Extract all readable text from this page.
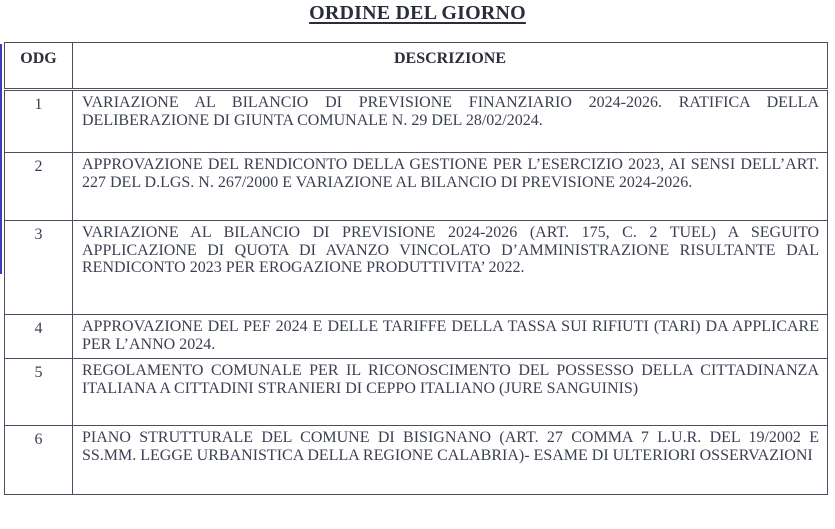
ORDINE DEL GIORNO
ODG	DESCRIZIONE
1	VARIAZIONE AL BILANCIO DI PREVISIONE FINANZIARIO 2024-2026. RATIFICA DELLA DELIBERAZIONE DI GIUNTA COMUNALE N. 29 DEL 28/02/2024.
2	APPROVAZIONE DEL RENDICONTO DELLA GESTIONE PER L’ESERCIZIO 2023, AI SENSI DELL’ART. 227 DEL D.LGS. N. 267/2000 E VARIAZIONE AL BILANCIO DI PREVISIONE 2024-2026.
3	VARIAZIONE AL BILANCIO DI PREVISIONE 2024-2026 (ART. 175, C. 2 TUEL) A SEGUITO APPLICAZIONE DI QUOTA DI AVANZO VINCOLATO D’AMMINISTRAZIONE RISULTANTE DAL RENDICONTO 2023 PER EROGAZIONE PRODUTTIVITA’ 2022.
4	APPROVAZIONE DEL PEF 2024 E DELLE TARIFFE DELLA TASSA SUI RIFIUTI (TARI) DA APPLICARE PER L’ANNO 2024.
5	REGOLAMENTO COMUNALE PER IL RICONOSCIMENTO DEL POSSESSO DELLA CITTADINANZA ITALIANA A CITTADINI STRANIERI DI CEPPO ITALIANO (JURE SANGUINIS)
6	PIANO STRUTTURALE DEL COMUNE DI BISIGNANO (ART. 27 COMMA 7 L.U.R. DEL 19/2002 E SS.MM. LEGGE URBANISTICA DELLA REGIONE CALABRIA)- ESAME DI ULTERIORI OSSERVAZIONI
